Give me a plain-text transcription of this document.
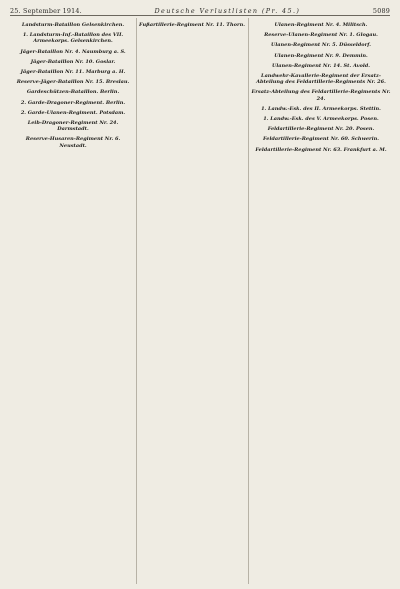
25. September 1914.	Deutsche Verlustlisten (Pr. 45.)	5089
Landsturm-Bataillon Gelsenkirchen.
1. Landsturm-Inf.-Bataillon des VII. Armeekorps. Gelsenkirchen.
Jäger-Bataillon Nr. 4. Naumburg a. S.
Jäger-Bataillon Nr. 10. Goslar.
Jäger-Bataillon Nr. 11. Marburg a. H.
Reserve-Jäger-Bataillon Nr. 15. Breslau.
Gardeschützen-Bataillon. Berlin.
2. Garde-Dragoner-Regiment. Berlin.
2. Garde-Ulanen-Regiment. Potsdam.
Leib-Dragoner-Regiment Nr. 24. Darmstadt.
Reserve-Husaren-Regiment Nr. 6. Neustadt.
Fußartillerie-Regiment Nr. 11. Thorn.	Ulanen-Regiment Nr. 4. Militsch.
Reserve-Ulanen-Regiment Nr. 1. Glogau.
Ulanen-Regiment Nr. 5. Düsseldorf.
Ulanen-Regiment Nr. 9. Demmin.
Ulanen-Regiment Nr. 14. St. Avold.
Landwehr-Kavallerie-Regiment der Ersatz-Abteilung des Feldartillerie-Regiments Nr. 26.
Ersatz-Abteilung des Feldartillerie-Regiments Nr. 24.
1. Landw.-Esk. des II. Armeekorps. Stettin.
1. Landw.-Esk. des V. Armeekorps. Posen.
Feldartillerie-Regiment Nr. 20. Posen.
Feldartillerie-Regiment Nr. 60. Schwerin.
Feldartillerie-Regiment Nr. 63. Frankfurt a. M.
